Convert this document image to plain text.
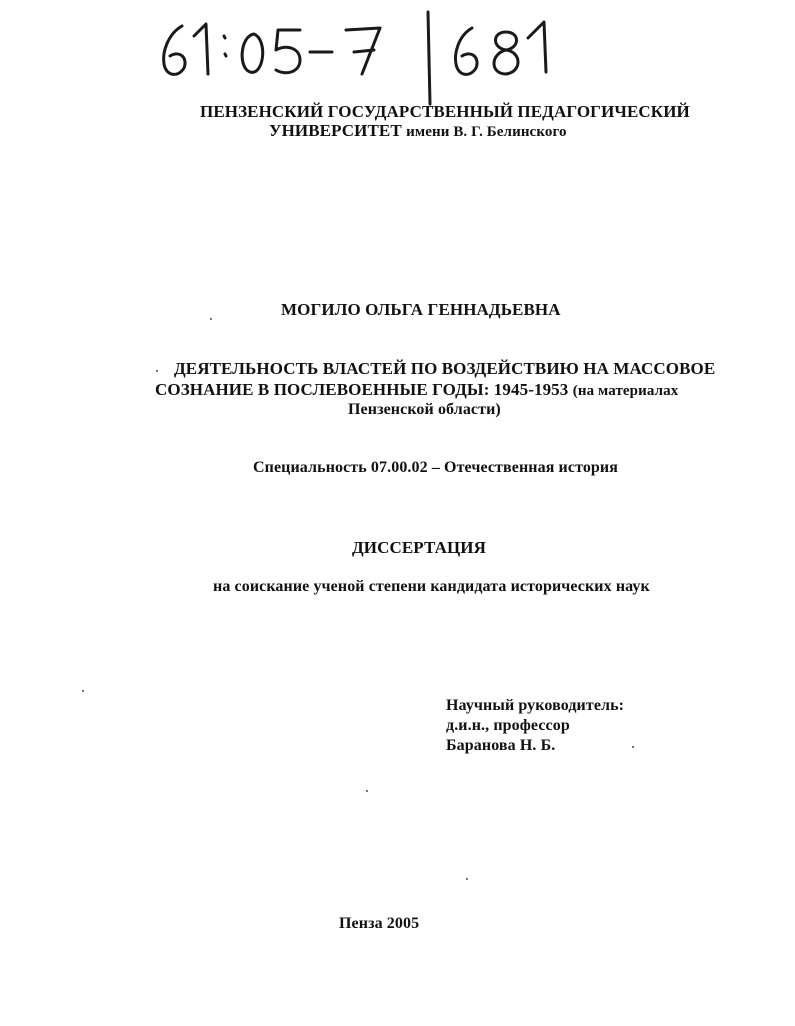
ПЕНЗЕНСКИЙ ГОСУДАРСТВЕННЫЙ ПЕДАГОГИЧЕСКИЙ
УНИВЕРСИТЕТ имени В. Г. Белинского
МОГИЛО ОЛЬГА ГЕННАДЬЕВНА
ДЕЯТЕЛЬНОСТЬ ВЛАСТЕЙ ПО ВОЗДЕЙСТВИЮ НА МАССОВОЕ
СОЗНАНИЕ В ПОСЛЕВОЕННЫЕ ГОДЫ: 1945-1953 (на материалах
Пензенской области)
Специальность 07.00.02 – Отечественная история
ДИССЕРТАЦИЯ
на соискание ученой степени кандидата исторических наук
Научный руководитель:
д.и.н., профессор
Баранова Н. Б.
Пенза 2005
